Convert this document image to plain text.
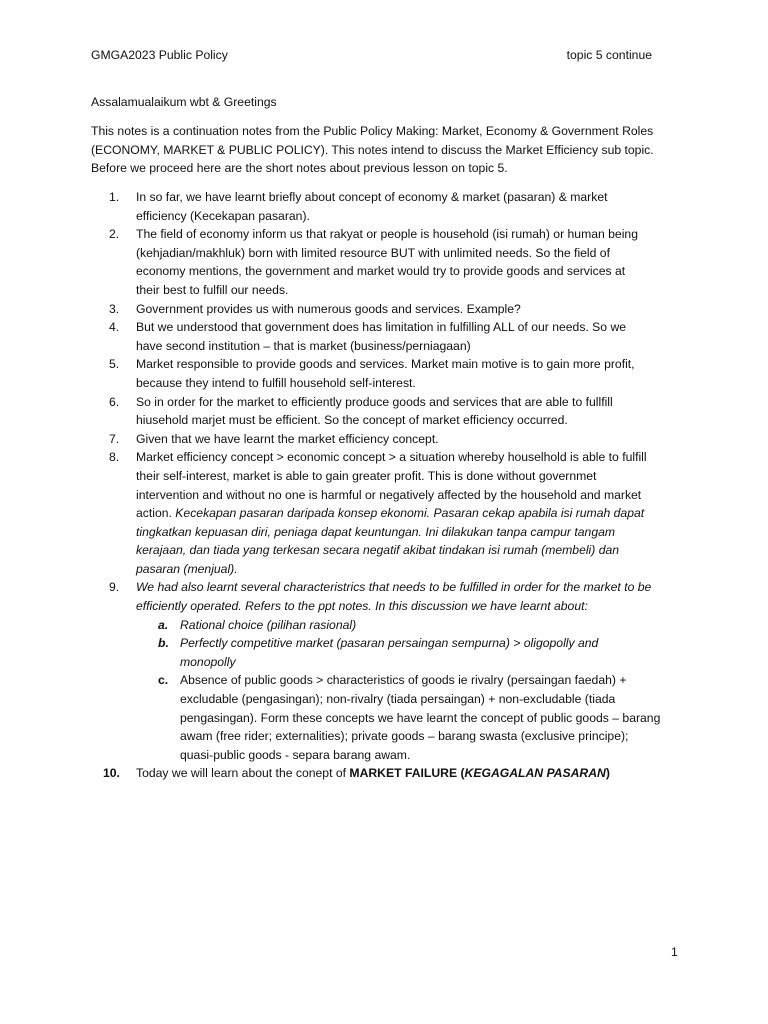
GMGA2023 Public Policy	topic 5 continue
Assalamualaikum wbt & Greetings

This notes is a continuation notes from the Public Policy Making: Market, Economy & Government Roles

(ECONOMY, MARKET & PUBLIC POLICY). This notes intend to discuss the Market Efficiency sub topic.

Before we proceed here are the short notes about previous lesson on topic 5.

1. In so far, we have learnt briefly about concept of economy & market (pasaran) & market
efficiency (Kecekapan pasaran).
2. The field of economy inform us that rakyat or people is household (isi rumah) or human being
(kehjadian/makhluk) born with limited resource BUT with unlimited needs. So the field of
economy mentions, the government and market would try to provide goods and services at
their best to fulfill our needs.
3. Government provides us with numerous goods and services. Example?
4. But we understood that government does has limitation in fulfilling ALL of our needs. So we
have second institution – that is market (business/perniagaan)
5. Market responsible to provide goods and services. Market main motive is to gain more profit,
because they intend to fulfill household self-interest.
6. So in order for the market to efficiently produce goods and services that are able to fullfill
hiusehold marjet must be efficient. So the concept of market efficiency occurred.
7. Given that we have learnt the market efficiency concept.
8. Market efficiency concept > economic concept > a situation whereby houselhold is able to fulfill
their self-interest, market is able to gain greater profit. This is done without governmet
intervention and without no one is harmful or negatively affected by the household and market
action. Kecekapan pasaran daripada konsep ekonomi. Pasaran cekap apabila isi rumah dapat
tingkatkan kepuasan diri, peniaga dapat keuntungan. Ini dilakukan tanpa campur tangam
kerajaan, dan tiada yang terkesan secara negatif akibat tindakan isi rumah (membeli) dan
pasaran (menjual).
9. We had also learnt several characteristrics that needs to be fulfilled in order for the market to be
efficiently operated. Refers to the ppt notes. In this discussion we have learnt about:
a. Rational choice (pilihan rasional)
b. Perfectly competitive market (pasaran persaingan sempurna) > oligopolly and
monopolly
c. Absence of public goods > characteristics of goods ie rivalry (persaingan faedah) +
excludable (pengasingan); non-rivalry (tiada persaingan) + non-excludable (tiada
pengasingan). Form these concepts we have learnt the concept of public goods – barang
awam (free rider; externalities); private goods – barang swasta (exclusive principe);
quasi-public goods - separa barang awam.
10. Today we will learn about the conept of MARKET FAILURE (KEGAGALAN PASARAN)
1
